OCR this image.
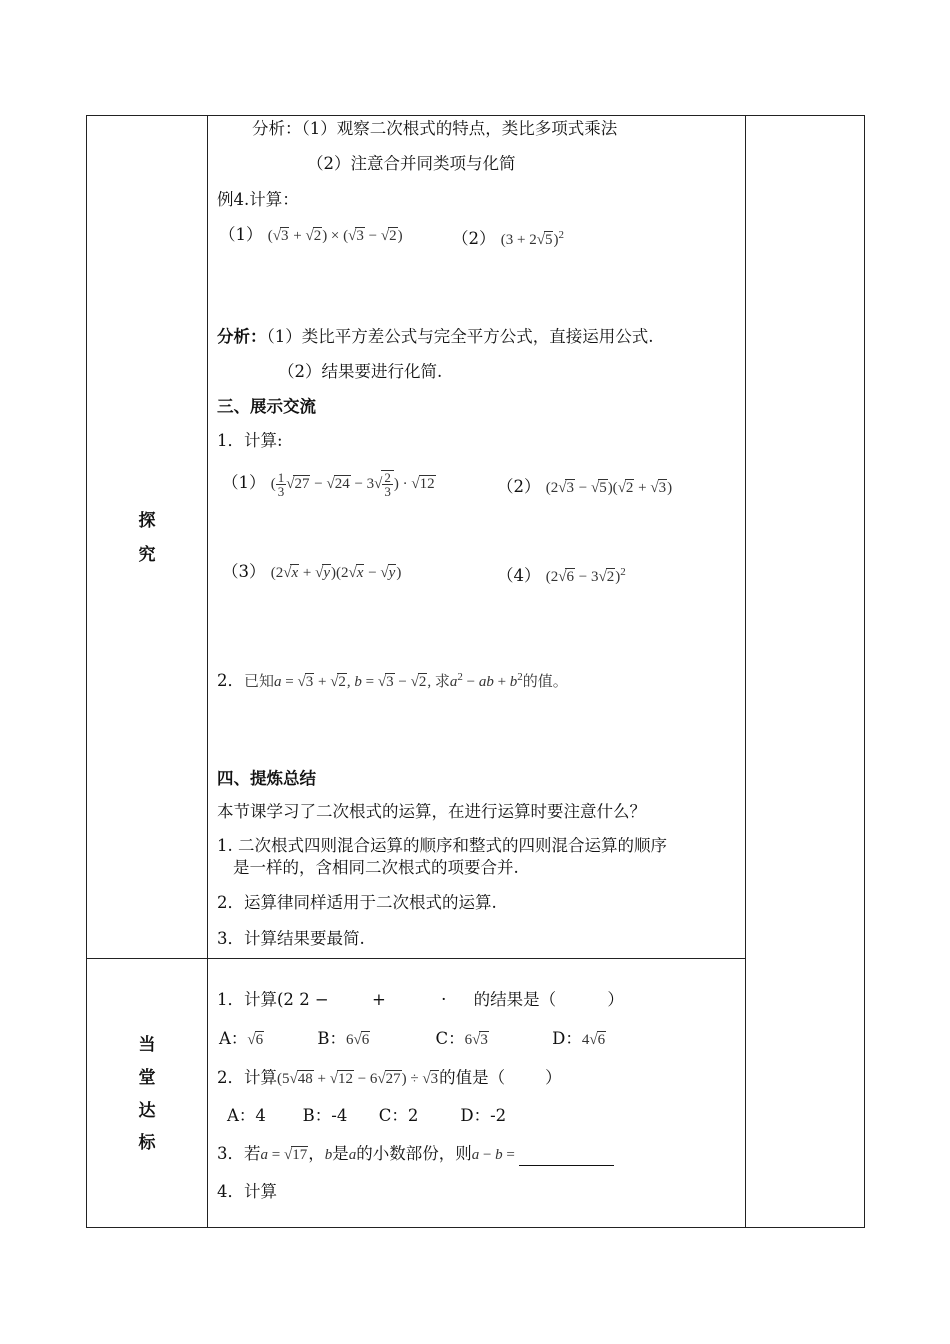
探
究
当
堂
达
标
分析：（1）观察二次根式的特点，类比多项式乘法
（2）注意合并同类项与化简
例4.计算：
（1） (√3 + √2) × (√3 − √2)	（2） $(3 + 2√5)^2$
分析：（1）类比平方差公式与完全平方公式，直接运用公式.
（2）结果要进行化简.
三、展示交流
1．计算:
（1） ( $\frac{1}{3} √27 - √24 - 3√ \frac{2}{3}$ ) · √12	（2） (2√3 − √5)(√2 + √3)
（3） (2√x + √y)(2√x − √y)	（4） $(2√6 - 3√2)^2$
2．已知a = √3 + √2, b = √3 − √2, 求$a^2$ − ab + $b^2$的值。
四、提炼总结
本节课学习了二次根式的运算，在进行运算时要注意什么？
1. 二次根式四则混合运算的顺序和整式的四则混合运算的顺序
是一样的，含相同二次根式的项要合并.
2．运算律同样适用于二次根式的运算.
3．计算结果要最简.
1．计算(2 2 −	+	· 的结果是（	）
A：√6	B：6√6	C：6√3	D：4√6
2．计算(5√48 + √12 − 6√27) ÷ √3的值是（ ）
A：4       B：-4      C：2        D：-2
3．若a = √17，b是a的小数部份，则a − b =
4．计算
